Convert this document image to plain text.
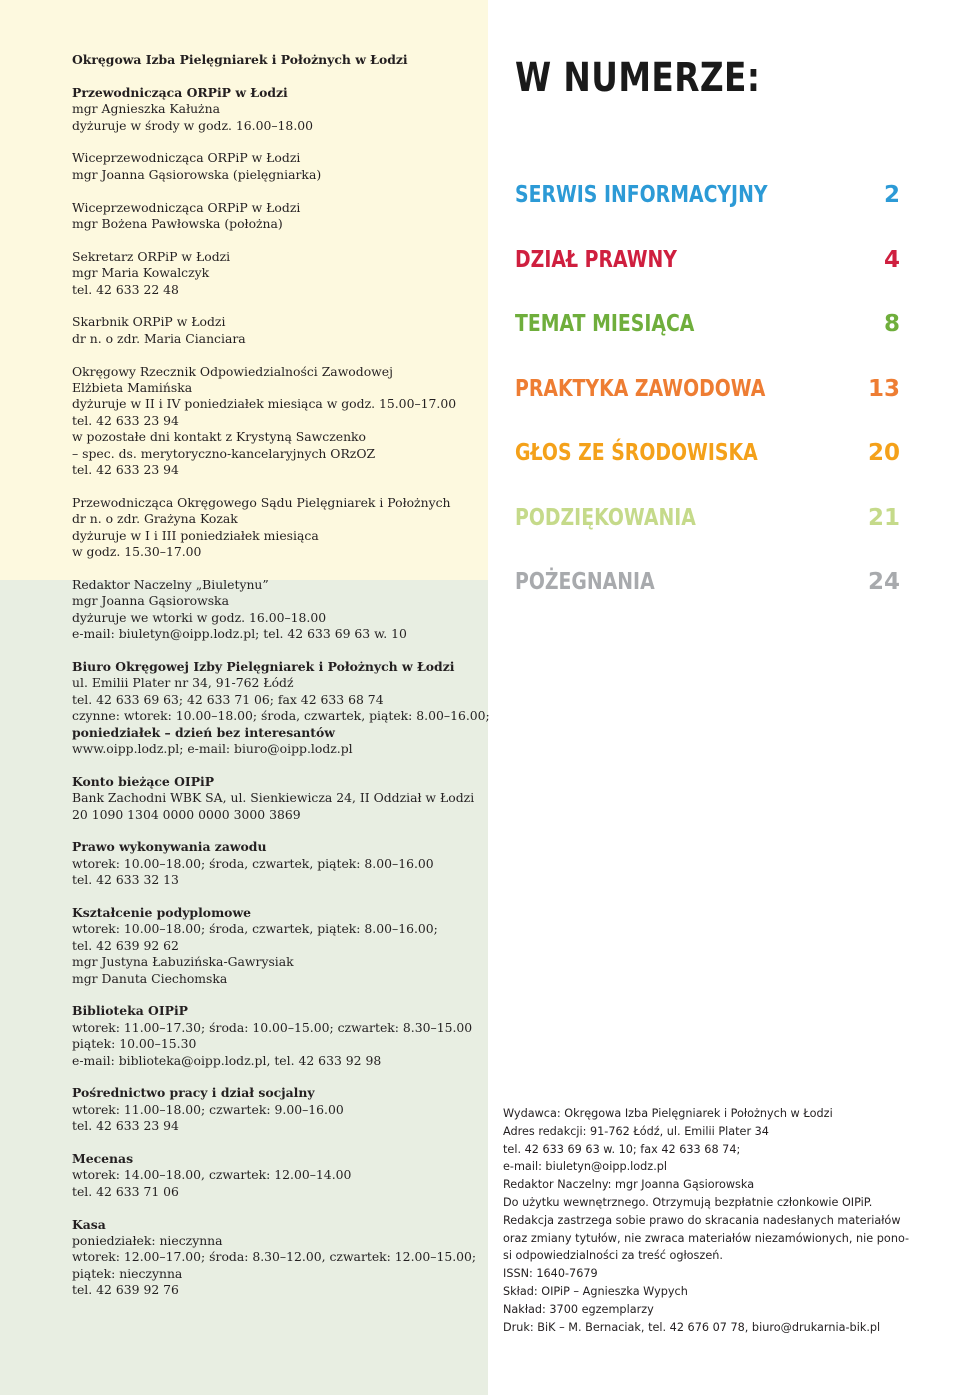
Okręgowa Izba Pielęgniarek i Położnych w Łodzi
Przewodnicząca ORPiP w Łodzi
mgr Agnieszka Kałużna
dyżuruje w środy w godz. 16.00–18.00
Wiceprzewodnicząca ORPiP w Łodzi
mgr Joanna Gąsiorowska (pielęgniarka)
Wiceprzewodnicząca ORPiP w Łodzi
mgr Bożena Pawłowska (położna)
Sekretarz ORPiP w Łodzi
mgr Maria Kowalczyk
tel. 42 633 22 48
Skarbnik ORPiP w Łodzi
dr n. o zdr. Maria Cianciara
Okręgowy Rzecznik Odpowiedzialności Zawodowej
Elżbieta Mamińska
dyżuruje w II i IV poniedziałek miesiąca w godz. 15.00–17.00
tel. 42 633 23 94
w pozostałe dni kontakt z Krystyną Sawczenko
– spec. ds. merytoryczno-kancelaryjnych ORzOZ
tel. 42 633 23 94
Przewodnicząca Okręgowego Sądu Pielęgniarek i Położnych
dr n. o zdr. Grażyna Kozak
dyżuruje w I i III poniedziałek miesiąca
w godz. 15.30–17.00
Redaktor Naczelny „Biuletynu”
mgr Joanna Gąsiorowska
dyżuruje we wtorki w godz. 16.00–18.00
e-mail: biuletyn@oipp.lodz.pl; tel. 42 633 69 63 w. 10
Biuro Okręgowej Izby Pielęgniarek i Położnych w Łodzi
ul. Emilii Plater nr 34, 91-762 Łódź
tel. 42 633 69 63; 42 633 71 06; fax 42 633 68 74
czynne: wtorek: 10.00–18.00; środa, czwartek, piątek: 8.00–16.00;
poniedziałek – dzień bez interesantów
www.oipp.lodz.pl; e-mail: biuro@oipp.lodz.pl
Konto bieżące OIPiP
Bank Zachodni WBK SA, ul. Sienkiewicza 24, II Oddział w Łodzi
20 1090 1304 0000 0000 3000 3869
Prawo wykonywania zawodu
wtorek: 10.00–18.00; środa, czwartek, piątek: 8.00–16.00
tel. 42 633 32 13
Kształcenie podyplomowe
wtorek: 10.00–18.00; środa, czwartek, piątek: 8.00–16.00;
tel. 42 639 92 62
mgr Justyna Łabuzińska-Gawrysiak
mgr Danuta Ciechomska
Biblioteka OIPiP
wtorek: 11.00–17.30; środa: 10.00–15.00; czwartek: 8.30–15.00
piątek: 10.00–15.30
e-mail: biblioteka@oipp.lodz.pl, tel. 42 633 92 98
Pośrednictwo pracy i dział socjalny
wtorek: 11.00–18.00; czwartek: 9.00–16.00
tel. 42 633 23 94
Mecenas
wtorek: 14.00–18.00, czwartek: 12.00–14.00
tel. 42 633 71 06
Kasa
poniedziałek: nieczynna
wtorek: 12.00–17.00; środa: 8.30–12.00, czwartek: 12.00–15.00;
piątek: nieczynna
tel. 42 639 92 76
W NUMERZE:
SERWIS INFORMACYJNY	2
DZIAŁ PRAWNY	4
TEMAT MIESIĄCA	8
PRAKTYKA ZAWODOWA	13
GŁOS ZE ŚRODOWISKA	20
PODZIĘKOWANIA	21
POŻEGNANIA	24
Wydawca: Okręgowa Izba Pielęgniarek i Położnych w Łodzi
Adres redakcji: 91-762 Łódź, ul. Emilii Plater 34
tel. 42 633 69 63 w. 10; fax 42 633 68 74;
e-mail: biuletyn@oipp.lodz.pl
Redaktor Naczelny: mgr Joanna Gąsiorowska
Do użytku wewnętrznego. Otrzymują bezpłatnie członkowie OIPiP.
Redakcja zastrzega sobie prawo do skracania nadesłanych materiałów
oraz zmiany tytułów, nie zwraca materiałów niezamówionych, nie pono-
si odpowiedzialności za treść ogłoszeń.
ISSN: 1640-7679
Skład: OIPiP – Agnieszka Wypych
Nakład: 3700 egzemplarzy
Druk: BiK – M. Bernaciak, tel. 42 676 07 78, biuro@drukarnia-bik.pl
